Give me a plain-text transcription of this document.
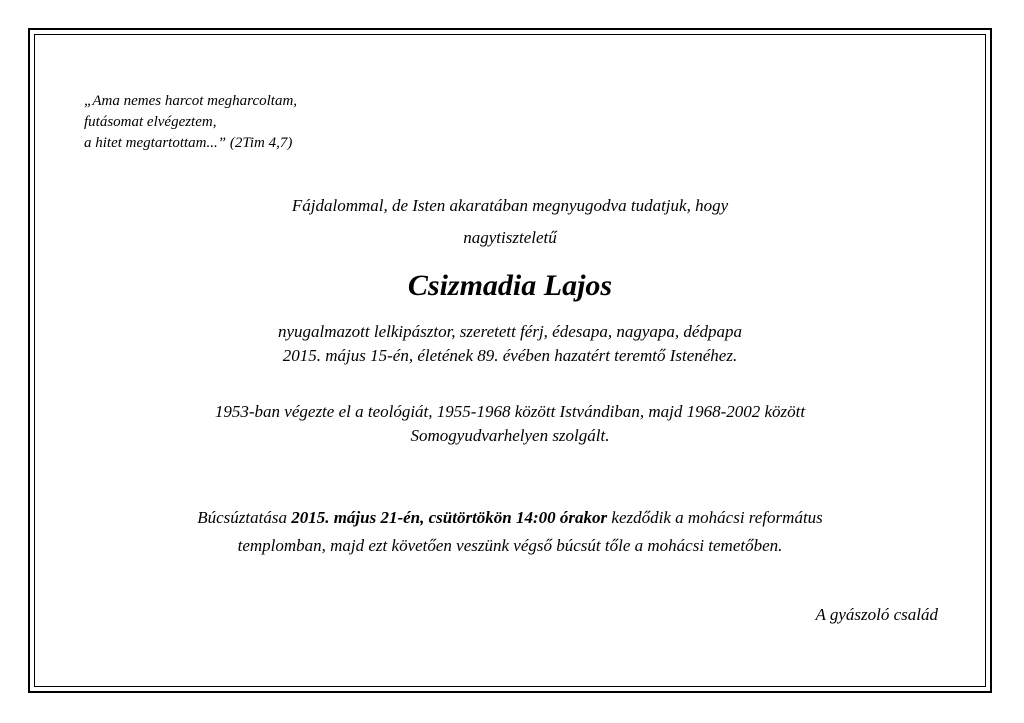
„Ama nemes harcot megharcoltam,
futásomat elvégeztem,
a hitet megtartottam...” (2Tim 4,7)
Fájdalommal, de Isten akaratában megnyugodva tudatjuk, hogy
nagytiszteletű
Csizmadia Lajos
nyugalmazott lelkipásztor, szeretett férj, édesapa, nagyapa, dédpapa
2015. május 15-én, életének 89. évében hazatért teremtő Istenéhez.
1953-ban végezte el a teológiát, 1955-1968 között Istvándiban, majd 1968-2002 között
Somogyudvarhelyen szolgált.
Búcsúztatása 2015. május 21-én, csütörtökön 14:00 órakor kezdődik a mohácsi református
templomban, majd ezt követően veszünk végső búcsút tőle a mohácsi temetőben.
A gyászoló család
